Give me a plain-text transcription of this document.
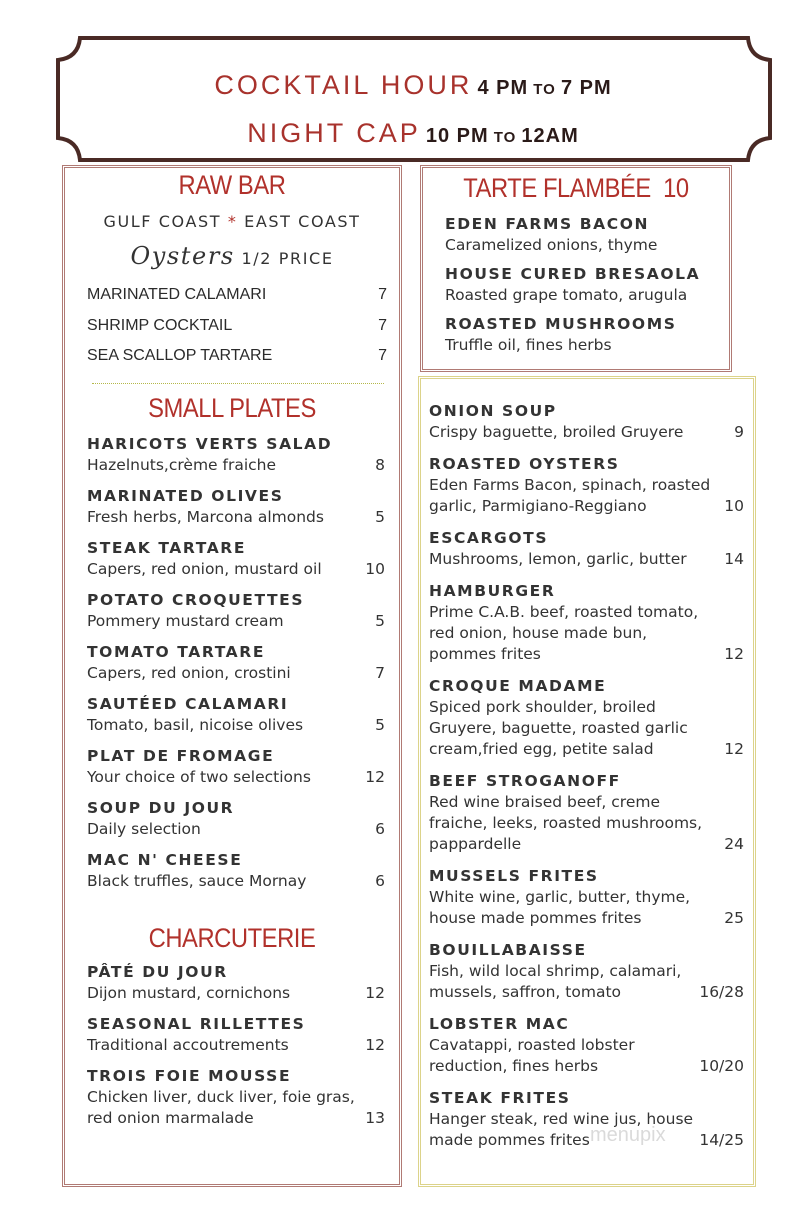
COCKTAIL HOUR 4 PM TO 7 PM
NIGHT CAP 10 PM TO 12AM
RAW BAR
GULF COAST * EAST COAST
Oysters 1/2 PRICE
MARINATED CALAMARI	7
SHRIMP COCKTAIL	7
SEA SCALLOP TARTARE	7
SMALL PLATES
HARICOTS VERTS SALAD
Hazelnuts,crème fraiche	8
MARINATED OLIVES
Fresh herbs, Marcona almonds	5
STEAK TARTARE
Capers, red onion, mustard oil	10
POTATO CROQUETTES
Pommery mustard cream	5
TOMATO TARTARE
Capers, red onion, crostini	7
SAUTÉED CALAMARI
Tomato, basil, nicoise olives	5
PLAT DE FROMAGE
Your choice of two selections	12
SOUP DU JOUR
Daily selection	6
MAC N' CHEESE
Black truffles, sauce Mornay	6
CHARCUTERIE
PÂTÉ DU JOUR
Dijon mustard, cornichons	12
SEASONAL RILLETTES
Traditional accoutrements	12
TROIS FOIE MOUSSE
Chicken liver, duck liver, foie gras,
red onion marmalade	13
TARTE FLAMBÉE 10
EDEN FARMS BACON
Caramelized onions, thyme
HOUSE CURED BRESAOLA
Roasted grape tomato, arugula
ROASTED MUSHROOMS
Truffle oil, fines herbs
ONION SOUP
Crispy baguette, broiled Gruyere	9
ROASTED OYSTERS
Eden Farms Bacon, spinach, roasted
garlic, Parmigiano-Reggiano	10
ESCARGOTS
Mushrooms, lemon, garlic, butter	14
HAMBURGER
Prime C.A.B. beef, roasted tomato,
red onion, house made bun,
pommes frites	12
CROQUE MADAME
Spiced pork shoulder, broiled
Gruyere, baguette, roasted garlic
cream,fried egg, petite salad	12
BEEF STROGANOFF
Red wine braised beef, creme
fraiche, leeks, roasted mushrooms,
pappardelle	24
MUSSELS FRITES
White wine, garlic, butter, thyme,
house made pommes frites	25
BOUILLABAISSE
Fish, wild local shrimp, calamari,
mussels, saffron, tomato	16/28
LOBSTER MAC
Cavatappi, roasted lobster
reduction, fines herbs	10/20
STEAK FRITES
Hanger steak, red wine jus, house
made pommes frites	14/25
menupix
